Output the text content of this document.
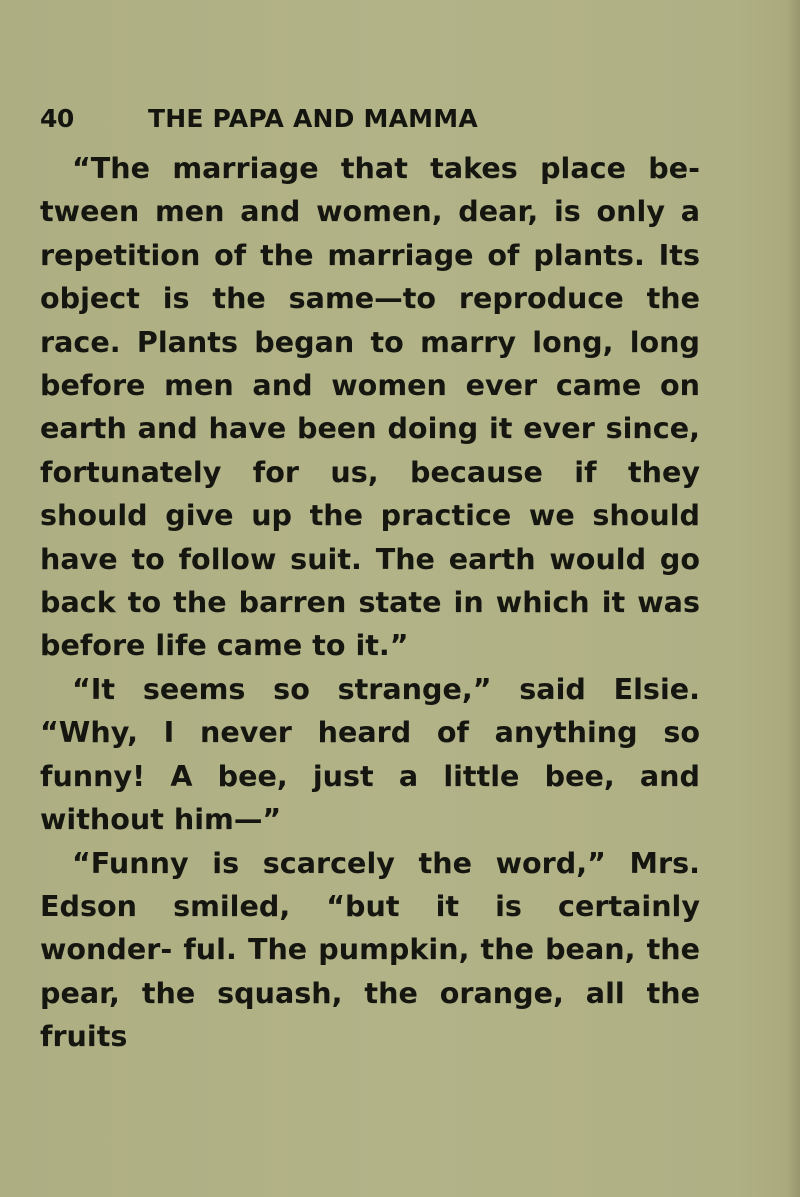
40	THE PAPA AND MAMMA

“The marriage that takes place be- tween men and women, dear, is only a repetition of the marriage of plants. Its object is the same—to reproduce the race. Plants began to marry long, long before men and women ever came on earth and have been doing it ever since, fortunately for us, because if they should give up the practice we should have to follow suit. The earth would go back to the barren state in which it was before life came to it.”

“It seems so strange,” said Elsie. “Why, I never heard of anything so funny! A bee, just a little bee, and without him—”

“Funny is scarcely the word,” Mrs. Edson smiled, “but it is certainly wonder- ful. The pumpkin, the bean, the pear, the squash, the orange, all the fruits
